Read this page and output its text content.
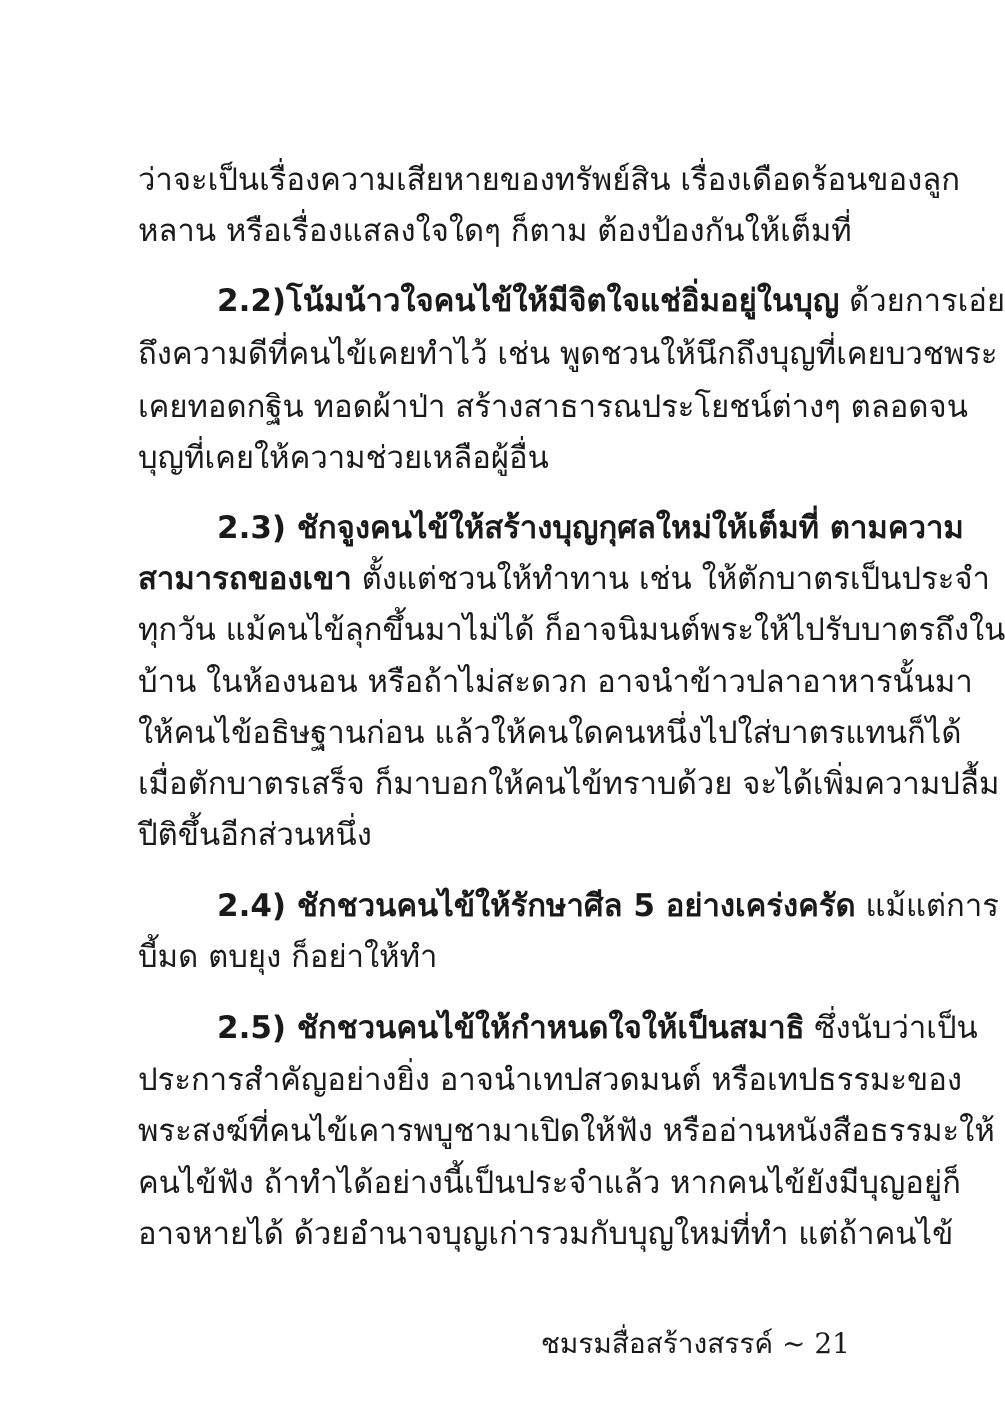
ว่าจะเป็นเรื่องความเสียหายของทรัพย์สิน เรื่องเดือดร้อนของลูก
หลาน หรือเรื่องแสลงใจใดๆ ก็ตาม ต้องป้องกันให้เต็มที่
2.2)โน้มน้าวใจคนไข้ให้มีจิตใจแช่อิ่มอยู่ในบุญ ด้วยการเอ่ย
ถึงความดีที่คนไข้เคยทำไว้ เช่น พูดชวนให้นึกถึงบุญที่เคยบวชพระ
เคยทอดกฐิน ทอดผ้าป่า สร้างสาธารณประโยชน์ต่างๆ ตลอดจน
บุญที่เคยให้ความช่วยเหลือผู้อื่น
2.3) ชักจูงคนไข้ให้สร้างบุญกุศลใหม่ให้เต็มที่ ตามความ
สามารถของเขา ตั้งแต่ชวนให้ทำทาน เช่น ให้ตักบาตรเป็นประจำ
ทุกวัน แม้คนไข้ลุกขึ้นมาไม่ได้ ก็อาจนิมนต์พระให้ไปรับบาตรถึงใน
บ้าน ในห้องนอน หรือถ้าไม่สะดวก อาจนำข้าวปลาอาหารนั้นมา
ให้คนไข้อธิษฐานก่อน แล้วให้คนใดคนหนึ่งไปใส่บาตรแทนก็ได้
เมื่อตักบาตรเสร็จ ก็มาบอกให้คนไข้ทราบด้วย จะได้เพิ่มความปลื้ม
ปีติขึ้นอีกส่วนหนึ่ง
2.4) ชักชวนคนไข้ให้รักษาศีล 5 อย่างเคร่งครัด แม้แต่การ
บี้มด ตบยุง ก็อย่าให้ทำ
2.5) ชักชวนคนไข้ให้กำหนดใจให้เป็นสมาธิ ซึ่งนับว่าเป็น
ประการสำคัญอย่างยิ่ง อาจนำเทปสวดมนต์ หรือเทปธรรมะของ
พระสงฆ์ที่คนไข้เคารพบูชามาเปิดให้ฟัง หรืออ่านหนังสือธรรมะให้
คนไข้ฟัง ถ้าทำได้อย่างนี้เป็นประจำแล้ว หากคนไข้ยังมีบุญอยู่ก็
อาจหายได้ ด้วยอำนาจบุญเก่ารวมกับบุญใหม่ที่ทำ แต่ถ้าคนไข้
ชมรมสื่อสร้างสรรค์ ~ 21
